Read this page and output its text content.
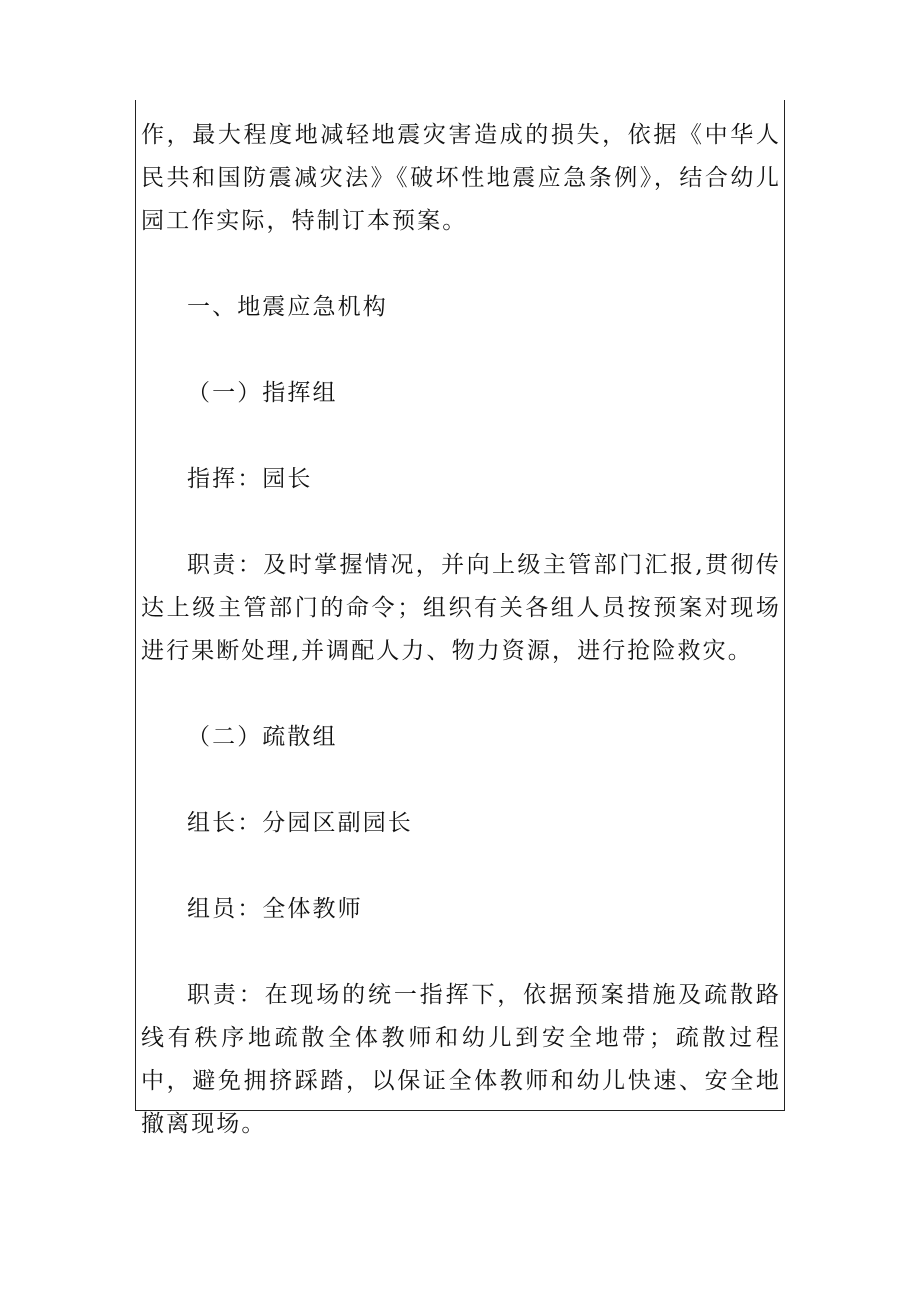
作，最大程度地减轻地震灾害造成的损失，依据《中华人民共和国防震减灾法》《破坏性地震应急条例》，结合幼儿园工作实际，特制订本预案。

一、地震应急机构

（一）指挥组

指挥：园长

职责：及时掌握情况，并向上级主管部门汇报,贯彻传达上级主管部门的命令；组织有关各组人员按预案对现场进行果断处理,并调配人力、物力资源，进行抢险救灾。

（二）疏散组

组长：分园区副园长

组员：全体教师

职责：在现场的统一指挥下，依据预案措施及疏散路线有秩序地疏散全体教师和幼儿到安全地带；疏散过程中，避免拥挤踩踏，以保证全体教师和幼儿快速、安全地撤离现场。
